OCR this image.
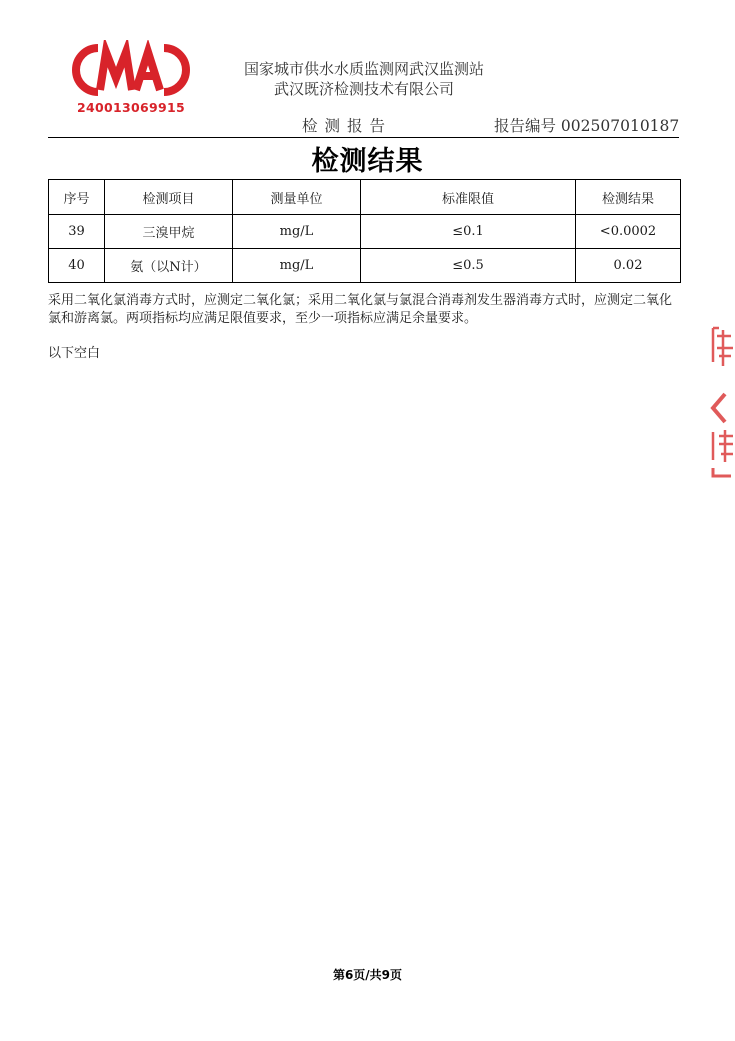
240013069915
国家城市供水水质监测网武汉监测站
武汉既济检测技术有限公司
检测报告	报告编号 002507010187
检测结果
序号	检测项目	测量单位	标准限值	检测结果
39	三溴甲烷	mg/L	≤0.1	<0.0002
40	氨（以N计）	mg/L	≤0.5	0.02
采用二氧化氯消毒方式时，应测定二氧化氯；采用二氧化氯与氯混合消毒剂发生器消毒方式时，应测定二氧化氯和游离氯。两项指标均应满足限值要求，至少一项指标应满足余量要求。
以下空白
第6页/共9页
